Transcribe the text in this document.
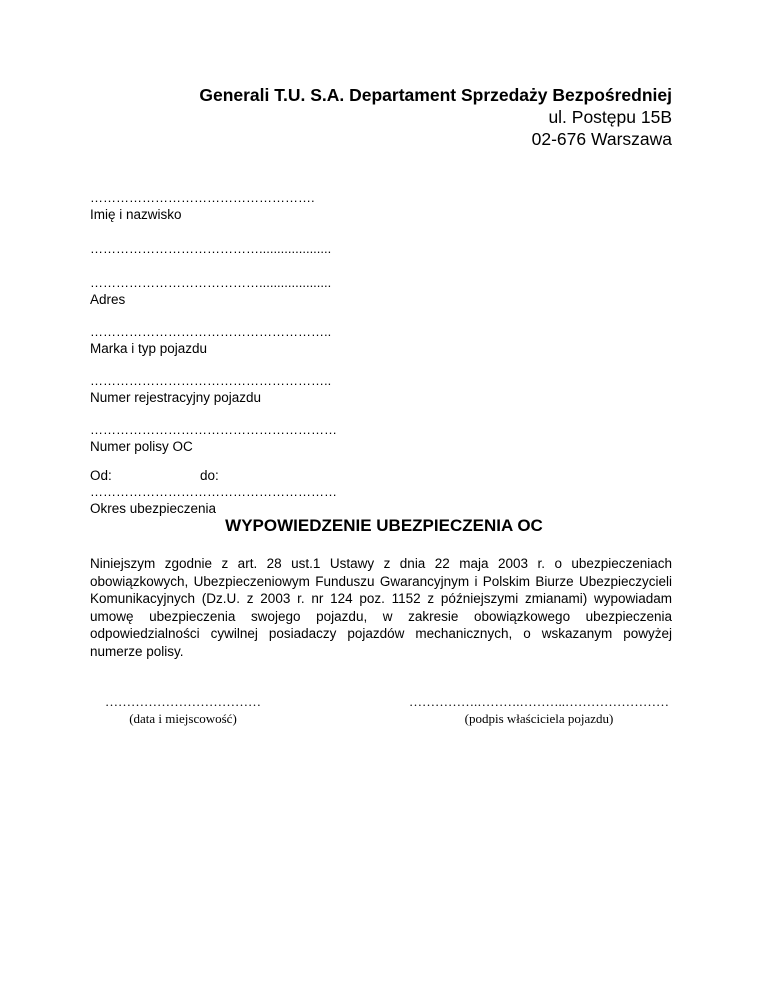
Generali T.U. S.A. Departament Sprzedaży Bezpośredniej
ul. Postępu 15B
02-676 Warszawa
…………………………………………….
Imię i nazwisko
…………………………………....................
…………………………………....................
Adres
………………………………………………..
Marka i typ pojazdu
………………………………………………..
Numer rejestracyjny pojazdu
…………………………………………………
Numer polisy OC
Od:	do:
…………………………………………………
Okres ubezpieczenia
WYPOWIEDZENIE UBEZPIECZENIA OC
Niniejszym zgodnie z art. 28 ust.1 Ustawy z dnia 22 maja 2003 r. o ubezpieczeniach obowiązkowych, Ubezpieczeniowym Funduszu Gwarancyjnym i Polskim Biurze Ubezpieczycieli Komunikacyjnych (Dz.U. z 2003 r. nr 124 poz. 1152 z późniejszymi zmianami) wypowiadam umowę ubezpieczenia swojego pojazdu, w zakresie obowiązkowego ubezpieczenia odpowiedzialności cywilnej posiadaczy pojazdów mechanicznych, o wskazanym powyżej numerze polisy.
………………………………
(data i miejscowość)
…………….……….………..……………………
(podpis właściciela pojazdu)
